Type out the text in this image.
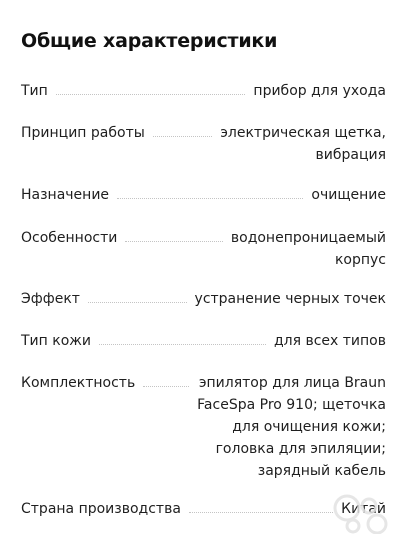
Общие характеристики
Тип	прибор для ухода
Принцип работы	электрическая щетка,
вибрация
Назначение	очищение
Особенности	водонепроницаемый
корпус
Эффект	устранение черных точек
Тип кожи	для всех типов
Комплектность	эпилятор для лица Braun
FaceSpa Pro 910; щеточка
для очищения кожи;
головка для эпиляции;
зарядный кабель
Страна производства	Китай
